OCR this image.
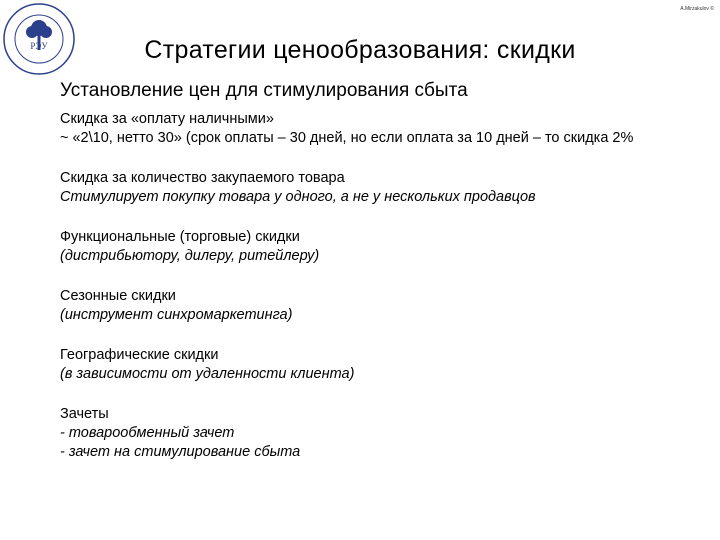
РЭУ
A.Mirzakulov ©
Стратегии ценообразования: скидки
Установление цен для стимулирования сбыта
Скидка за «оплату наличными»
~ «2\10, нетто 30» (срок оплаты – 30 дней, но если оплата за 10 дней – то скидка 2%
Скидка за количество закупаемого товара
Стимулирует покупку товара у одного, а не у нескольких продавцов
Функциональные (торговые) скидки
(дистрибьютору, дилеру, ритейлеру)
Сезонные скидки
(инструмент синхромаркетинга)
Географические скидки
(в зависимости от удаленности клиента)
Зачеты
- товарообменный зачет
- зачет на стимулирование сбыта
